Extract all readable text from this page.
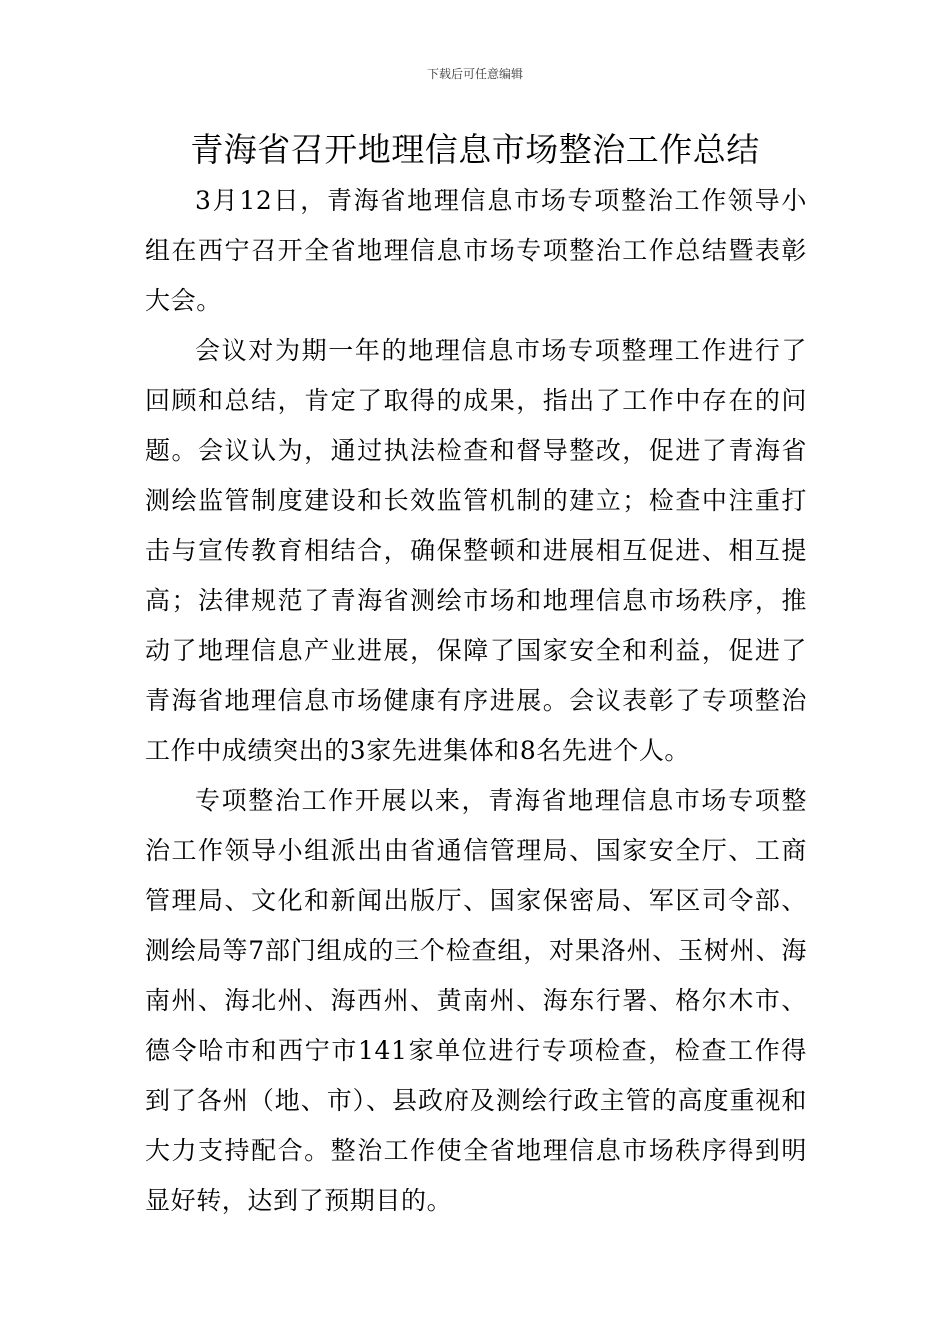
下载后可任意编辑
青海省召开地理信息市场整治工作总结

3月12日，青海省地理信息市场专项整治工作领导小组在西宁召开全省地理信息市场专项整治工作总结暨表彰大会。

会议对为期一年的地理信息市场专项整理工作进行了回顾和总结，肯定了取得的成果，指出了工作中存在的问题。会议认为，通过执法检查和督导整改，促进了青海省测绘监管制度建设和长效监管机制的建立；检查中注重打击与宣传教育相结合，确保整顿和进展相互促进、相互提高；法律规范了青海省测绘市场和地理信息市场秩序，推动了地理信息产业进展，保障了国家安全和利益，促进了青海省地理信息市场健康有序进展。会议表彰了专项整治工作中成绩突出的3家先进集体和8名先进个人。

专项整治工作开展以来，青海省地理信息市场专项整治工作领导小组派出由省通信管理局、国家安全厅、工商管理局、文化和新闻出版厅、国家保密局、军区司令部、测绘局等7部门组成的三个检查组，对果洛州、玉树州、海南州、海北州、海西州、黄南州、海东行署、格尔木市、德令哈市和西宁市141家单位进行专项检查，检查工作得到了各州（地、市）、县政府及测绘行政主管的高度重视和大力支持配合。整治工作使全省地理信息市场秩序得到明显好转，达到了预期目的。
